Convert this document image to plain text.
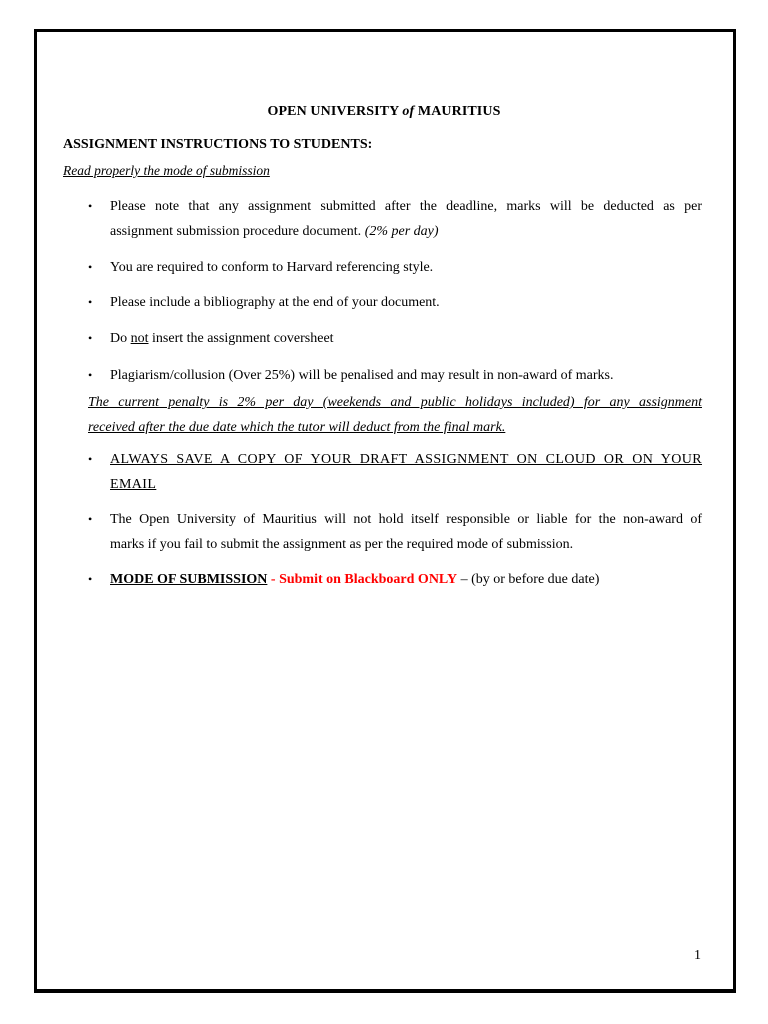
OPEN UNIVERSITY of MAURITIUS
ASSIGNMENT INSTRUCTIONS TO STUDENTS:
Read properly the mode of submission
• Please note that any assignment submitted after the deadline, marks will be deducted as per
assignment submission procedure document. (2% per day)
• You are required to conform to Harvard referencing style.
• Please include a bibliography at the end of your document.
• Do not insert the assignment coversheet
• Plagiarism/collusion (Over 25%) will be penalised and may result in non-award of marks.
The current penalty is 2% per day (weekends and public holidays included) for any assignment
received after the due date which the tutor will deduct from the final mark.
• ALWAYS SAVE A COPY OF YOUR DRAFT ASSIGNMENT ON CLOUD OR ON YOUR
EMAIL
• The Open University of Mauritius will not hold itself responsible or liable for the non-award of
marks if you fail to submit the assignment as per the required mode of submission.
• MODE OF SUBMISSION - Submit on Blackboard ONLY – (by or before due date)
1
